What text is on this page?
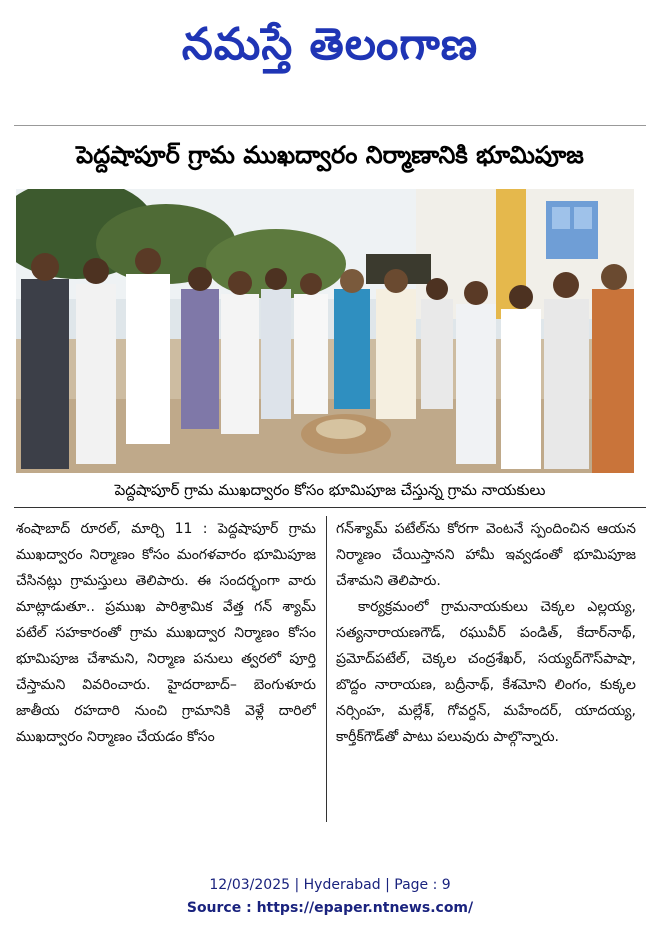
నమస్తే తెలంగాణ
పెద్దషాపూర్ గ్రామ ముఖద్వారం నిర్మాణానికి భూమిపూజ

పెద్దషాపూర్ గ్రామ ముఖద్వారం కోసం భూమిపూజ చేస్తున్న గ్రామ నాయకులు

శంషాబాద్ రూరల్, మార్చి 11 : పెద్దషాపూర్ గ్రామ ముఖద్వారం నిర్మాణం కోసం మంగళవారం భూమిపూజ చేసినట్లు గ్రామస్తులు తెలిపారు. ఈ సందర్భంగా వారు మాట్లాడుతూ.. ప్రముఖ పారిశ్రామిక వేత్త గన్ శ్యామ్ పటేల్ సహకారంతో గ్రామ ముఖద్వార నిర్మాణం కోసం భూమిపూజ చేశామని, నిర్మాణ పనులు త్వరలో పూర్తి చేస్తామని వివరించారు. హైదరాబాద్– బెంగుళూరు జాతీయ రహదారి నుంచి గ్రామానికి వెళ్లే దారిలో ముఖద్వారం నిర్మాణం చేయడం కోసం
గన్‌శ్యామ్ పటేల్‌ను కోరగా వెంటనే స్పందించిన ఆయన నిర్మాణం చేయిస్తానని హామీ ఇవ్వడంతో భూమిపూజ చేశామని తెలిపారు.
కార్యక్రమంలో గ్రామనాయకులు చెక్కల ఎల్లయ్య, సత్యనారాయణగౌడ్, రఘువీర్ పండిత్, కేదార్‌నాథ్, ప్రమోద్‌పటేల్, చెక్కల చంద్రశేఖర్, సయ్యద్‌గౌస్‌పాషా, బొద్దం నారాయణ, బద్రీనాథ్, కేశమోని లింగం, కుక్కల నర్సింహ, మల్లేశ్, గోవర్దన్, మహేందర్, యాదయ్య, కార్తీక్‌గౌడ్‌తో పాటు పలువురు పాల్గొన్నారు.
12/03/2025 | Hyderabad | Page : 9
Source : https://epaper.ntnews.com/
